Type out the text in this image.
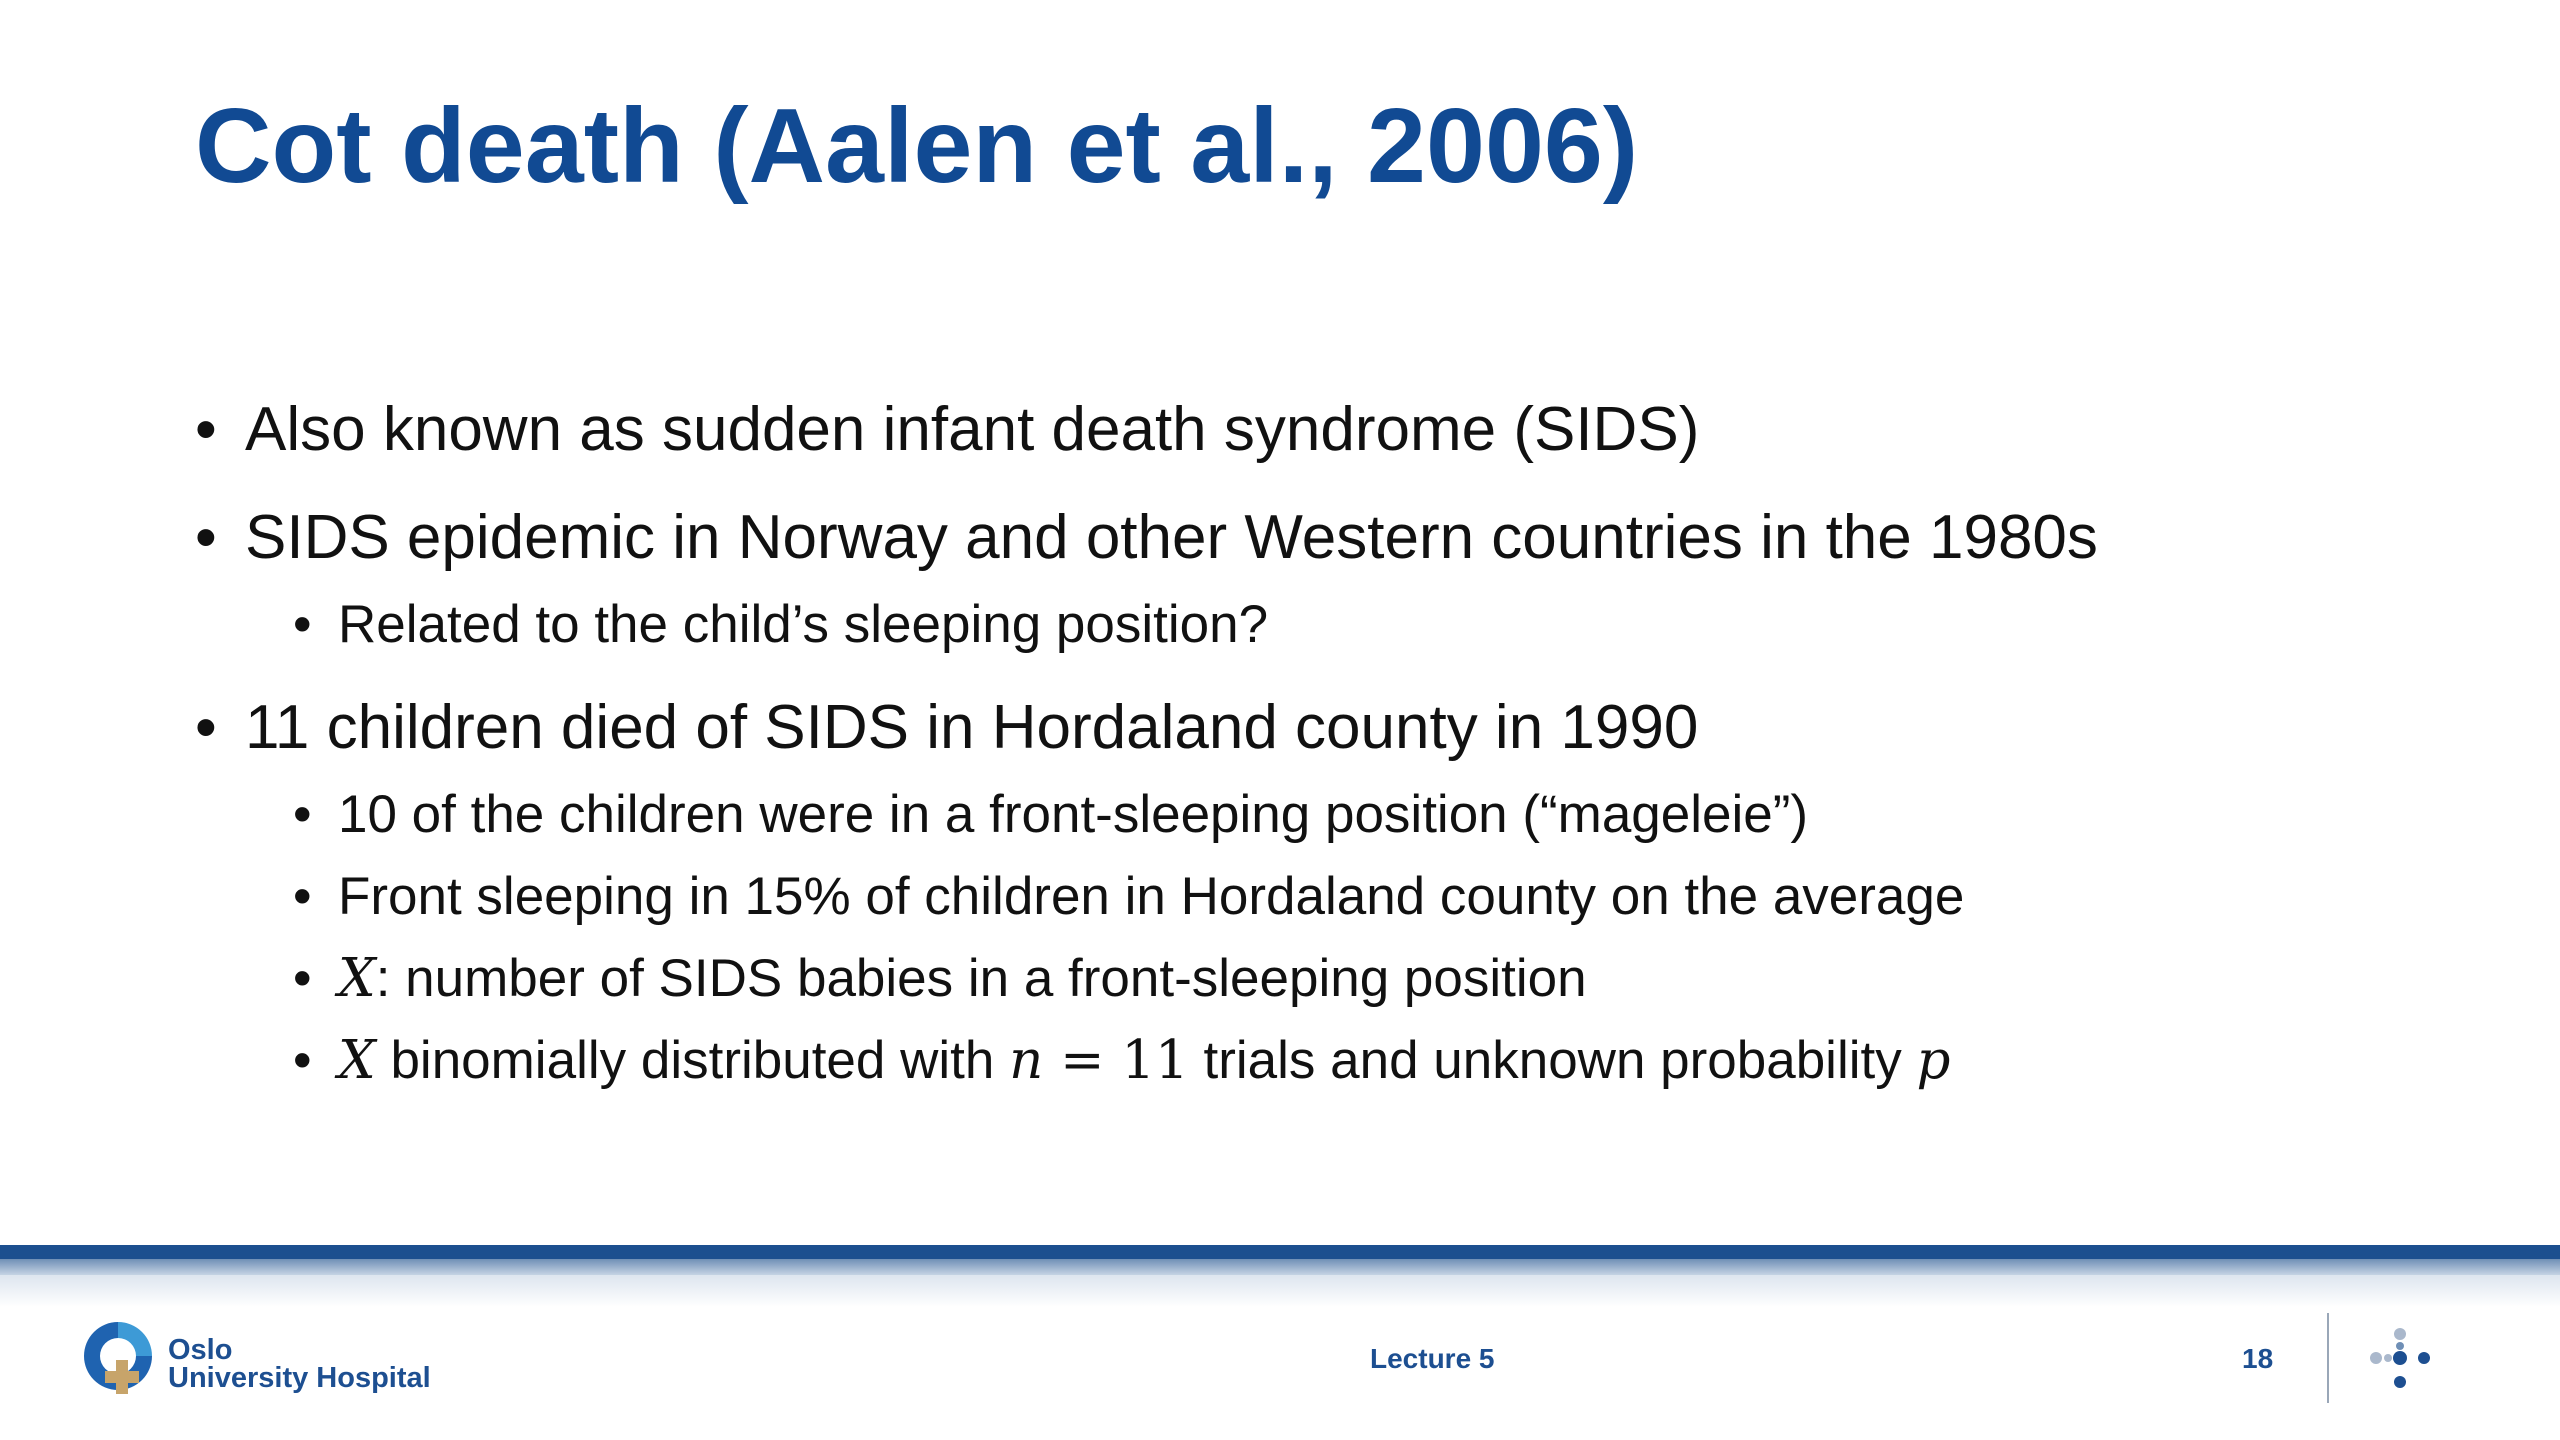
Cot death (Aalen et al., 2006)
• Also known as sudden infant death syndrome (SIDS)
• SIDS epidemic in Norway and other Western countries in the 1980s
• Related to the child’s sleeping position?
• 11 children died of SIDS in Hordaland county in 1990
• 10 of the children were in a front-sleeping position (“mageleie”)
• Front sleeping in 15% of children in Hordaland county on the average
• X: number of SIDS babies in a front-sleeping position
• X binomially distributed with n = 11 trials and unknown probability p
Oslo
University Hospital
Lecture 5	18
